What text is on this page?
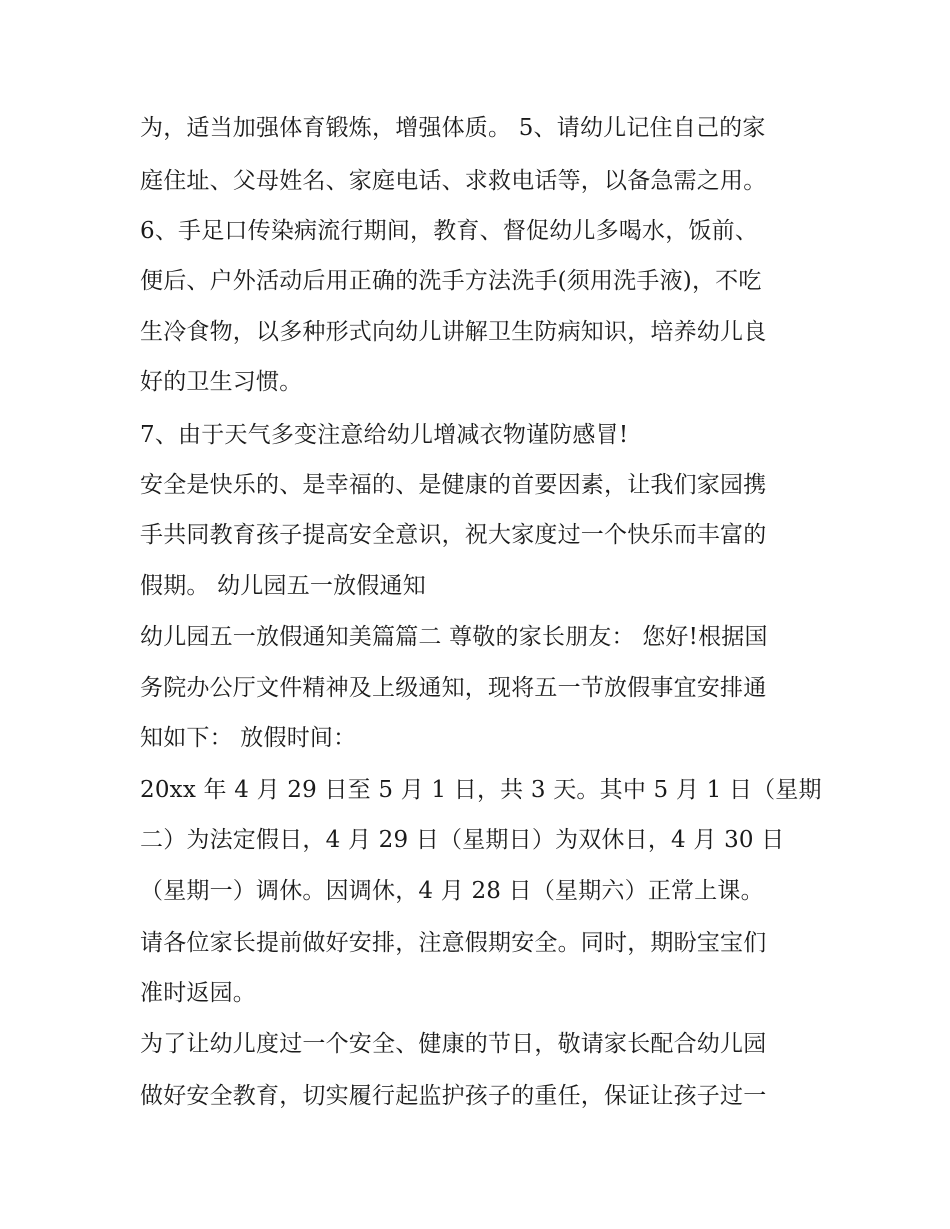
为，适当加强体育锻炼，增强体质。 5、请幼儿记住自己的家
庭住址、父母姓名、家庭电话、求救电话等，以备急需之用。
6、手足口传染病流行期间，教育、督促幼儿多喝水，饭前、
便后、户外活动后用正确的洗手方法洗手(须用洗手液)，不吃
生冷食物，以多种形式向幼儿讲解卫生防病知识，培养幼儿良
好的卫生习惯。
7、由于天气多变注意给幼儿增减衣物谨防感冒!
安全是快乐的、是幸福的、是健康的首要因素，让我们家园携
手共同教育孩子提高安全意识，祝大家度过一个快乐而丰富的
假期。 幼儿园五一放假通知
幼儿园五一放假通知美篇篇二 尊敬的家长朋友： 您好!根据国
务院办公厅文件精神及上级通知，现将五一节放假事宜安排通
知如下： 放假时间：
20xx 年 4 月 29 日至 5 月 1 日，共 3 天。其中 5 月 1 日（星期
二）为法定假日，4 月 29 日（星期日）为双休日，4 月 30 日
（星期一）调休。因调休，4 月 28 日（星期六）正常上课。
请各位家长提前做好安排，注意假期安全。同时，期盼宝宝们
准时返园。
为了让幼儿度过一个安全、健康的节日，敬请家长配合幼儿园
做好安全教育，切实履行起监护孩子的重任，保证让孩子过一
